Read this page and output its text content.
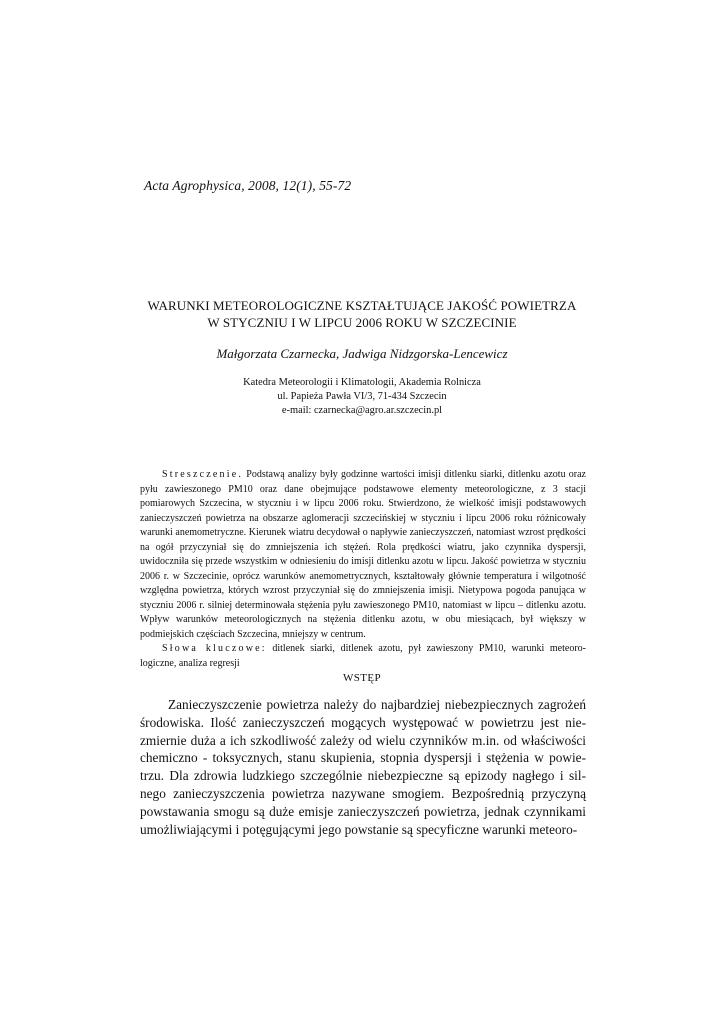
Acta Agrophysica, 2008, 12(1), 55-72
WARUNKI METEOROLOGICZNE KSZTAŁTUJĄCE JAKOŚĆ POWIETRZA
W STYCZNIU I W LIPCU 2006 ROKU W SZCZECINIE
Małgorzata Czarnecka, Jadwiga Nidzgorska-Lencewicz
Katedra Meteorologii i Klimatologii, Akademia Rolnicza
ul. Papieża Pawła VI/3, 71-434 Szczecin
e-mail: czarnecka@agro.ar.szczecin.pl

Streszczenie. Podstawą analizy były godzinne wartości imisji ditlenku siarki, ditlenku azotu oraz pyłu zawieszonego PM10 oraz dane obejmujące podstawowe elementy meteorologiczne, z 3 stacji pomiarowych Szczecina, w styczniu i w lipcu 2006 roku. Stwierdzono, że wielkość imisji podstawowych zanieczyszczeń powietrza na obszarze aglomeracji szczecińskiej w styczniu i lipcu 2006 roku różnicowały warunki anemometryczne. Kierunek wiatru decydował o napływie zanieczyszczeń, natomiast wzrost prędkości na ogół przyczyniał się do zmniejszenia ich stężeń. Rola prędkości wiatru, jako czynnika dyspersji, uwidoczniła się przede wszystkim w odniesieniu do imisji ditlenku azotu w lipcu. Jakość powietrza w styczniu 2006 r. w Szczecinie, oprócz warunków anemometrycznych, kształtowały głównie temperatura i wilgotność względna powietrza, których wzrost przyczyniał się do zmniejszenia imisji. Nietypowa pogoda panująca w styczniu 2006 r. silniej determinowała stężenia pyłu zawieszonego PM10, natomiast w lipcu – ditlenku azotu. Wpływ warunków meteorologicznych na stężenia ditlenku azotu, w obu miesiącach, był większy w podmiejskich częściach Szczecina, mniejszy w centrum.

Słowa kluczowe: ditlenek siarki, ditlenek azotu, pył zawieszony PM10, warunki meteorologiczne, analiza regresji

WSTĘP

Zanieczyszczenie powietrza należy do najbardziej niebezpiecznych zagrożeń środowiska. Ilość zanieczyszczeń mogących występować w powietrzu jest niezmiernie duża a ich szkodliwość zależy od wielu czynników m.in. od właściwości chemiczno - toksycznych, stanu skupienia, stopnia dyspersji i stężenia w powietrzu. Dla zdrowia ludzkiego szczególnie niebezpieczne są epizody nagłego i silnego zanieczyszczenia powietrza nazywane smogiem. Bezpośrednią przyczyną powstawania smogu są duże emisje zanieczyszczeń powietrza, jednak czynnikami umożliwiającymi i potęgującymi jego powstanie są specyficzne warunki meteoro-
